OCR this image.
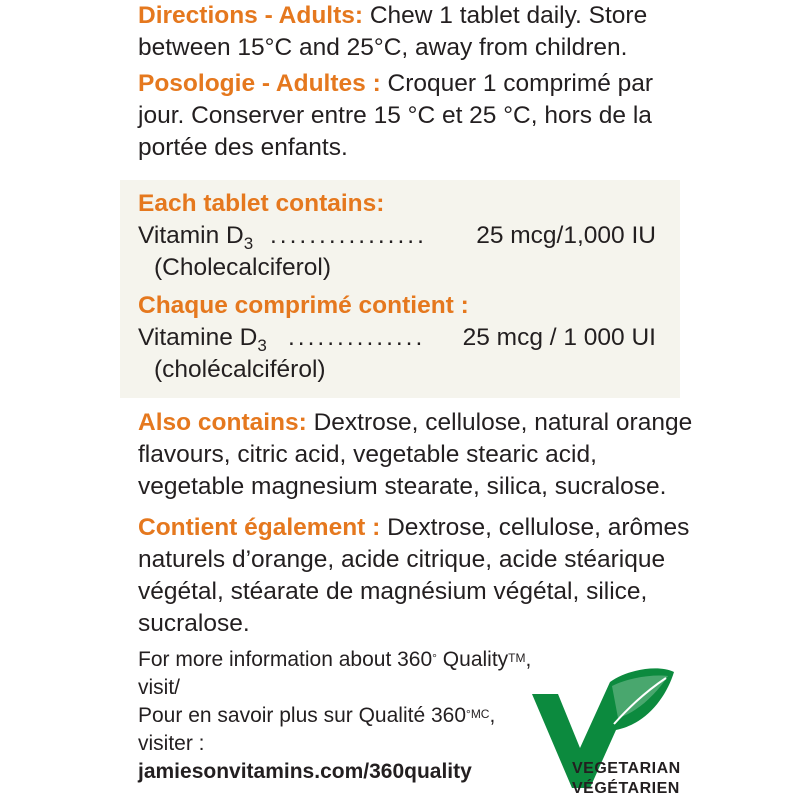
Directions - Adults: Chew 1 tablet daily. Store between 15°C and 25°C, away from children.

Posologie - Adultes : Croquer 1 comprimé par jour. Conserver entre 15 °C et 25 °C, hors de la portée des enfants.

Each tablet contains:
Vitamin $D_3$ ................ 25 mcg/1,000 IU
(Cholecalciferol)
Chaque comprimé contient :
Vitamine $D_3$ .............. 25 mcg / 1 000 UI
(cholécalciférol)

Also contains: Dextrose, cellulose, natural orange flavours, citric acid, vegetable stearic acid, vegetable magnesium stearate, silica, sucralose.

Contient également : Dextrose, cellulose, arômes naturels d’orange, acide citrique, acide stéarique végétal, stéarate de magnésium végétal, silice, sucralose.

For more information about 360° Quality™, visit/
Pour en savoir plus sur Qualité $360^{^\circ MC}$, visiter :
jamiesonvitamins.com/360quality	VEGETARIAN
VÉGÉTARIEN
